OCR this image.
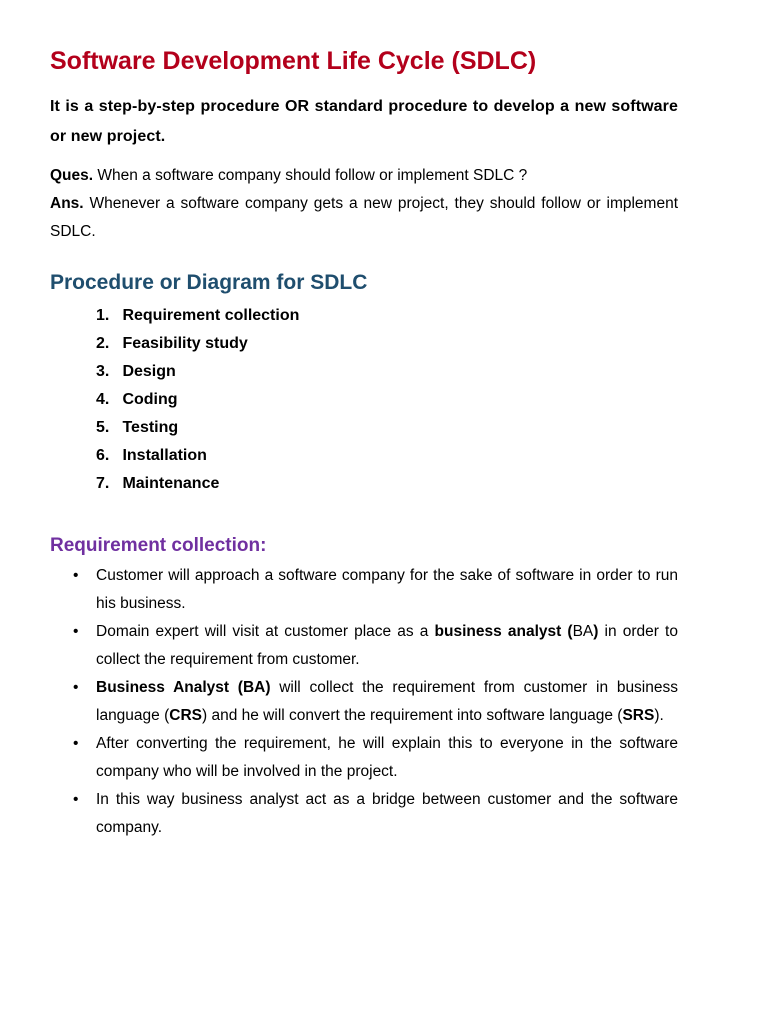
Software Development Life Cycle (SDLC)

It is a step-by-step procedure OR standard procedure to develop a new software or new project.

Ques. When a software company should follow or implement SDLC ?

Ans. Whenever a software company gets a new project, they should follow or implement SDLC.

Procedure or Diagram for SDLC
1. Requirement collection
2. Feasibility study
3. Design
4. Coding
5. Testing
6. Installation
7. Maintenance
Requirement collection:
• Customer will approach a software company for the sake of software in order to run his business.
• Domain expert will visit at customer place as a business analyst (BA) in order to collect the requirement from customer.
• Business Analyst (BA) will collect the requirement from customer in business language (CRS) and he will convert the requirement into software language (SRS).
• After converting the requirement, he will explain this to everyone in the software company who will be involved in the project.
• In this way business analyst act as a bridge between customer and the software company.
